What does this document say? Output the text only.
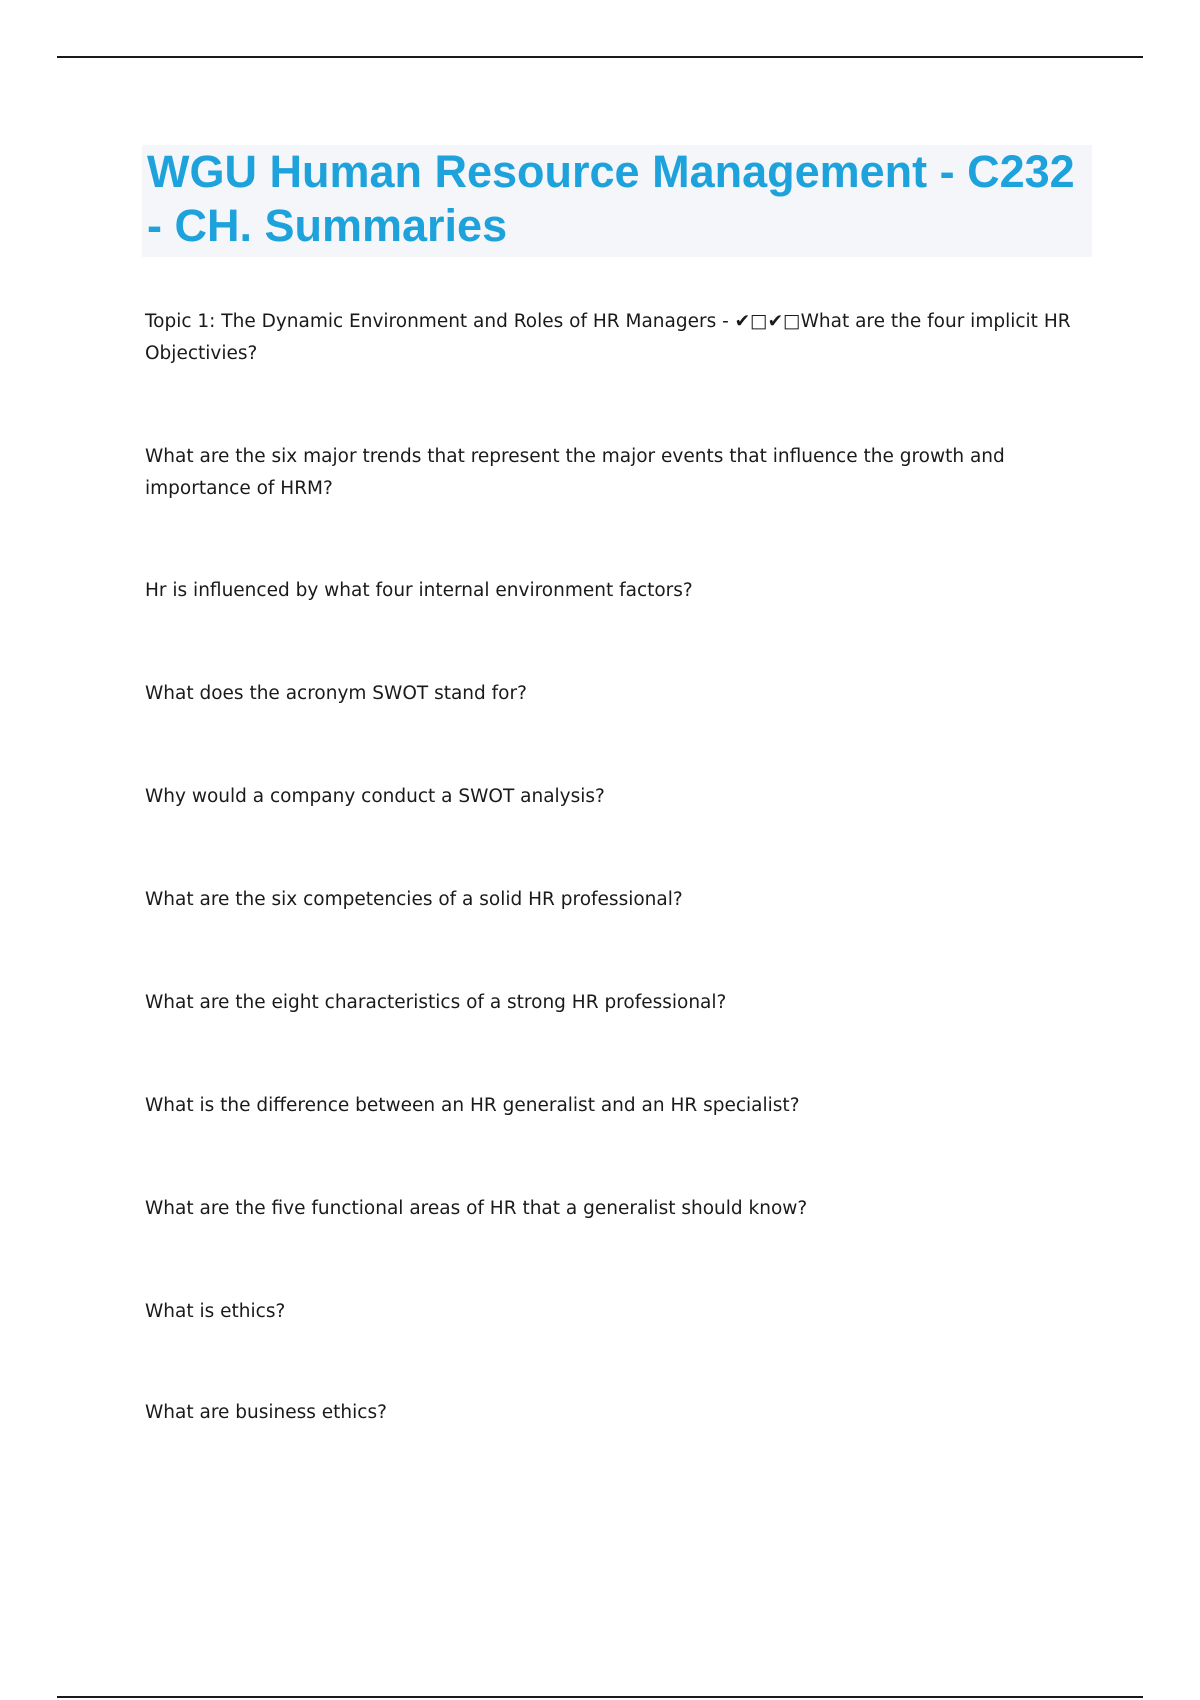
WGU Human Resource Management - C232 - CH. Summaries
Topic 1: The Dynamic Environment and Roles of HR Managers - ✔□✔□What are the four implicit HR Objectivies?
What are the six major trends that represent the major events that influence the growth and importance of HRM?
Hr is influenced by what four internal environment factors?
What does the acronym SWOT stand for?
Why would a company conduct a SWOT analysis?
What are the six competencies of a solid HR professional?
What are the eight characteristics of a strong HR professional?
What is the difference between an HR generalist and an HR specialist?
What are the five functional areas of HR that a generalist should know?
What is ethics?
What are business ethics?
